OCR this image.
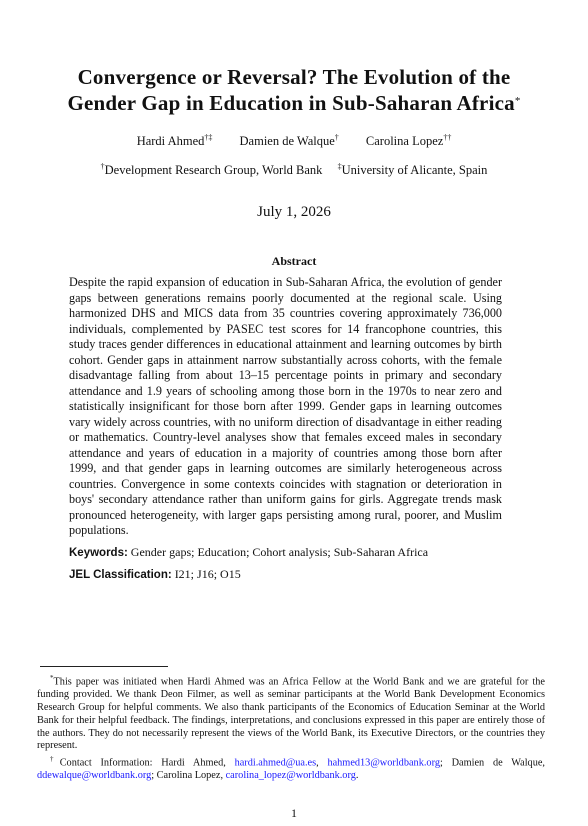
Convergence or Reversal? The Evolution of the
Gender Gap in Education in Sub-Saharan Africa*
Hardi Ahmed†‡ Damien de Walque† Carolina Lopez††
†Development Research Group, World Bank ‡University of Alicante, Spain
July 1, 2026
Abstract
Despite the rapid expansion of education in Sub-Saharan Africa, the evolution of gender gaps between generations remains poorly documented at the regional scale. Using harmonized DHS and MICS data from 35 countries covering approximately 736,000 individuals, complemented by PASEC test scores for 14 francophone countries, this study traces gender differences in educational attainment and learning outcomes by birth cohort. Gender gaps in attainment narrow substantially across cohorts, with the female disadvantage falling from about 13–15 percentage points in primary and secondary attendance and 1.9 years of schooling among those born in the 1970s to near zero and statistically insignificant for those born after 1999. Gender gaps in learning outcomes vary widely across countries, with no uniform direction of disadvantage in either reading or mathematics. Country-level analyses show that females exceed males in secondary attendance and years of education in a majority of countries among those born after 1999, and that gender gaps in learning outcomes are similarly heterogeneous across countries. Convergence in some contexts coincides with stagnation or deterioration in boys' secondary attendance rather than uniform gains for girls. Aggregate trends mask pronounced heterogeneity, with larger gaps persisting among rural, poorer, and Muslim populations.
Keywords: Gender gaps; Education; Cohort analysis; Sub-Saharan Africa
JEL Classification: I21; J16; O15

*This paper was initiated when Hardi Ahmed was an Africa Fellow at the World Bank and we are grateful for the funding provided. We thank Deon Filmer, as well as seminar participants at the World Bank Development Economics Research Group for helpful comments. We also thank participants of the Economics of Education Seminar at the World Bank for their helpful feedback. The findings, interpretations, and conclusions expressed in this paper are entirely those of the authors. They do not necessarily represent the views of the World Bank, its Executive Directors, or the countries they represent.

†Contact Information: Hardi Ahmed, hardi.ahmed@ua.es, hahmed13@worldbank.org; Damien de Walque, ddewalque@worldbank.org; Carolina Lopez, carolina_lopez@worldbank.org.

1
